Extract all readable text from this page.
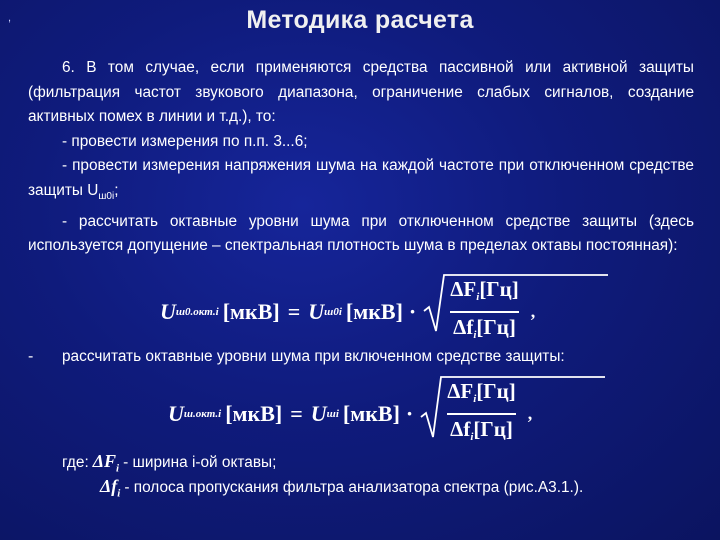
,	Методика расчета

6. В том случае, если применяются средства пассивной или активной защиты (фильтрация частот звукового диапазона, ограничение слабых сигналов, создание активных помех в линии и т.д.), то:

- провести измерения по п.п. 3...6;

- провести измерения напряжения шума на каждой частоте при отключенном средстве защиты $U_{ш0i}$;

- рассчитать октавные уровни шума при отключенном средстве защиты (здесь используется допущение – спектральная плотность шума в пределах октавы постоянная):

U ш0.окт.i [мкВ] = U ш0i $[мкВ] \cdot \frac{\Delta F_i[Гц]}{\Delta f_i[Гц]}$ ,
- рассчитать октавные уровни шума при включенном средстве защиты:
U ш.окт.i [мкВ] = U шi $[мкВ] \cdot \frac{\Delta F_i[Гц]}{\Delta f_i[Гц]}$ ,
где: $\Delta F_i$ - ширина i-ой октавы;
$\Delta f_i$ - полоса пропускания фильтра анализатора спектра (рис.А3.1.).
